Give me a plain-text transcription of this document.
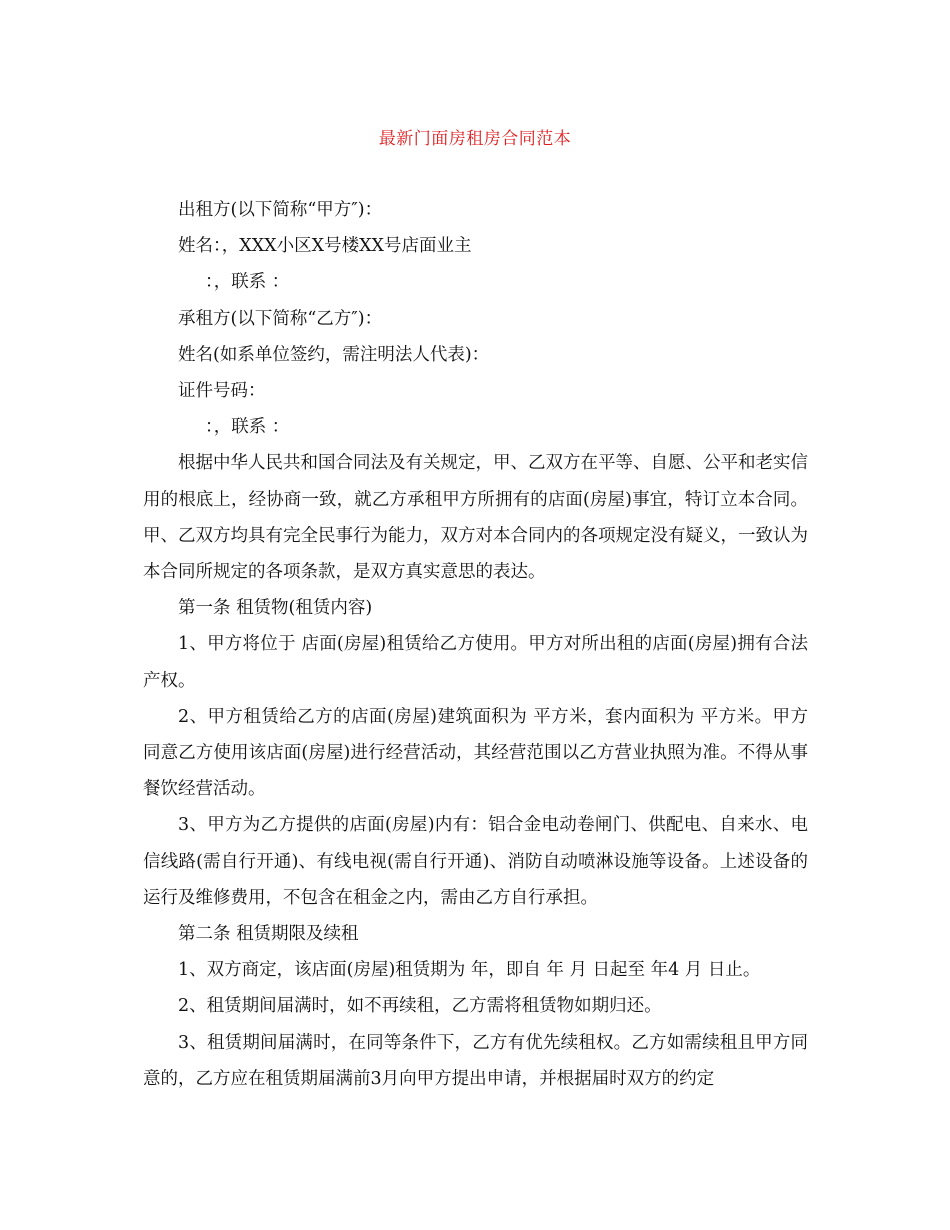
最新门面房租房合同范本

出租方(以下简称“甲方″)：

姓名：，XXX小区X号楼XX号店面业主

：，联系 ：

承租方(以下简称“乙方″)：

姓名(如系单位签约，需注明法人代表)：

证件号码：

：，联系 ：

根据中华人民共和国合同法及有关规定，甲、乙双方在平等、自愿、公平和老实信用的根底上，经协商一致，就乙方承租甲方所拥有的店面(房屋)事宜，特订立本合同。甲、乙双方均具有完全民事行为能力，双方对本合同内的各项规定没有疑义，一致认为本合同所规定的各项条款，是双方真实意思的表达。

第一条 租赁物(租赁内容)

1、甲方将位于 店面(房屋)租赁给乙方使用。甲方对所出租的店面(房屋)拥有合法产权。

2、甲方租赁给乙方的店面(房屋)建筑面积为 平方米，套内面积为 平方米。甲方同意乙方使用该店面(房屋)进行经营活动，其经营范围以乙方营业执照为准。不得从事餐饮经营活动。

3、甲方为乙方提供的店面(房屋)内有：铝合金电动卷闸门、供配电、自来水、电信线路(需自行开通)、有线电视(需自行开通)、消防自动喷淋设施等设备。上述设备的运行及维修费用，不包含在租金之内，需由乙方自行承担。

第二条 租赁期限及续租

1、双方商定，该店面(房屋)租赁期为 年，即自 年 月 日起至 年4 月 日止。

2、租赁期间届满时，如不再续租，乙方需将租赁物如期归还。

3、租赁期间届满时，在同等条件下，乙方有优先续租权。乙方如需续租且甲方同意的，乙方应在租赁期届满前3月向甲方提出申请，并根据届时双方的约定
